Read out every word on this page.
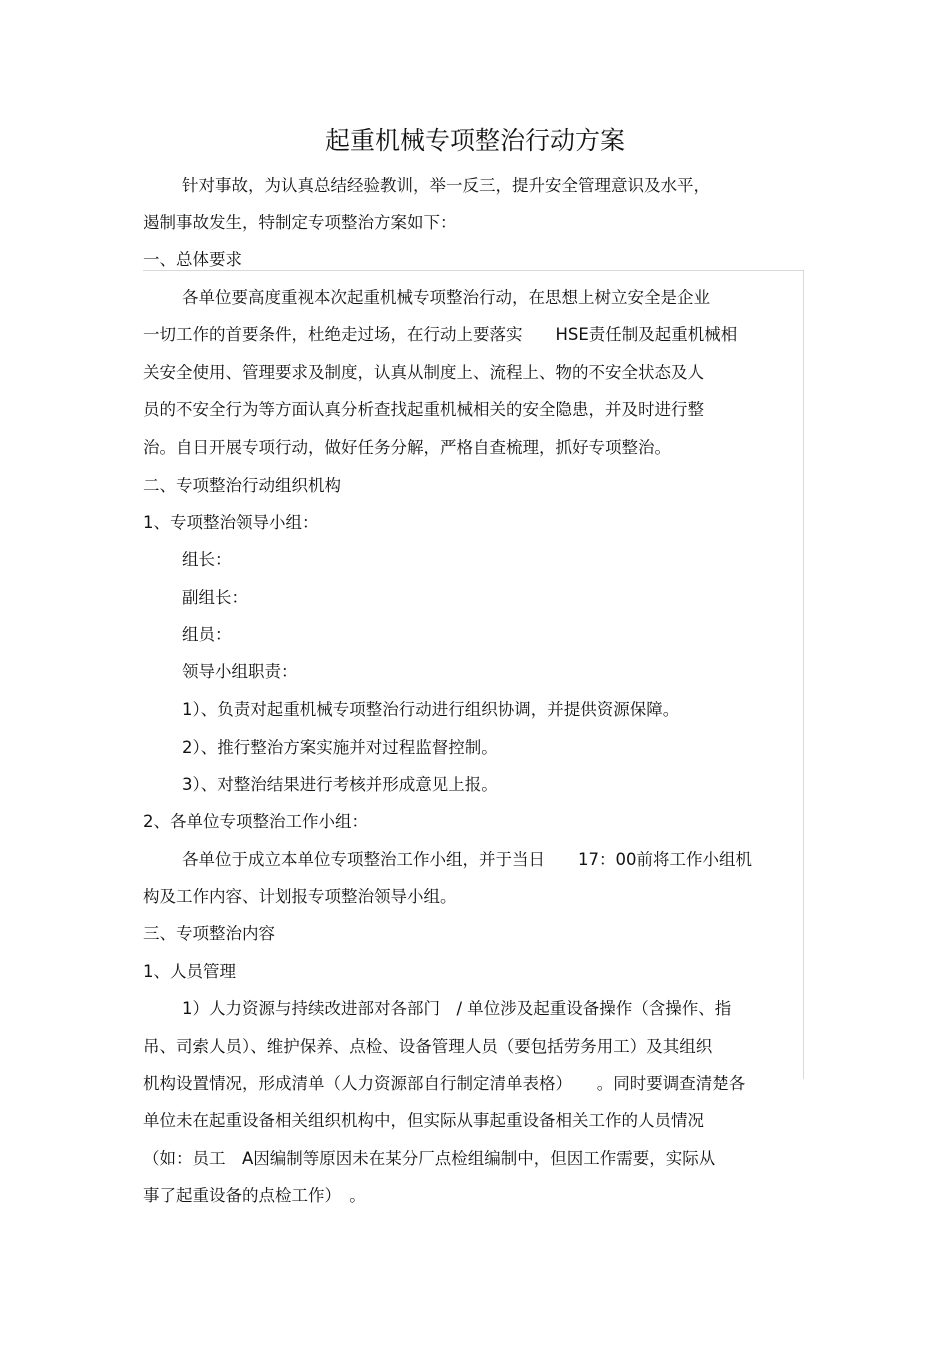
起重机械专项整治行动方案
针对事故，为认真总结经验教训，举一反三，提升安全管理意识及水平，
遏制事故发生，特制定专项整治方案如下：
一、总体要求
各单位要高度重视本次起重机械专项整治行动，在思想上树立安全是企业
一切工作的首要条件，杜绝走过场，在行动上要落实　　HSE责任制及起重机械相
关安全使用、管理要求及制度，认真从制度上、流程上、物的不安全状态及人
员的不安全行为等方面认真分析查找起重机械相关的安全隐患，并及时进行整
治。自日开展专项行动，做好任务分解，严格自查梳理，抓好专项整治。
二、专项整治行动组织机构
1、专项整治领导小组：
组长：
副组长：
组员：
领导小组职责：
1）、负责对起重机械专项整治行动进行组织协调，并提供资源保障。
2）、推行整治方案实施并对过程监督控制。
3）、对整治结果进行考核并形成意见上报。
2、各单位专项整治工作小组：
各单位于成立本单位专项整治工作小组，并于当日　　17：00前将工作小组机
构及工作内容、计划报专项整治领导小组。
三、专项整治内容
1、人员管理
1）人力资源与持续改进部对各部门　/ 单位涉及起重设备操作（含操作、指
吊、司索人员）、维护保养、点检、设备管理人员（要包括劳务用工）及其组织
机构设置情况，形成清单（人力资源部自行制定清单表格）　　。同时要调查清楚各
单位未在起重设备相关组织机构中，但实际从事起重设备相关工作的人员情况
（如：员工　A因编制等原因未在某分厂点检组编制中，但因工作需要，实际从
事了起重设备的点检工作）　。
